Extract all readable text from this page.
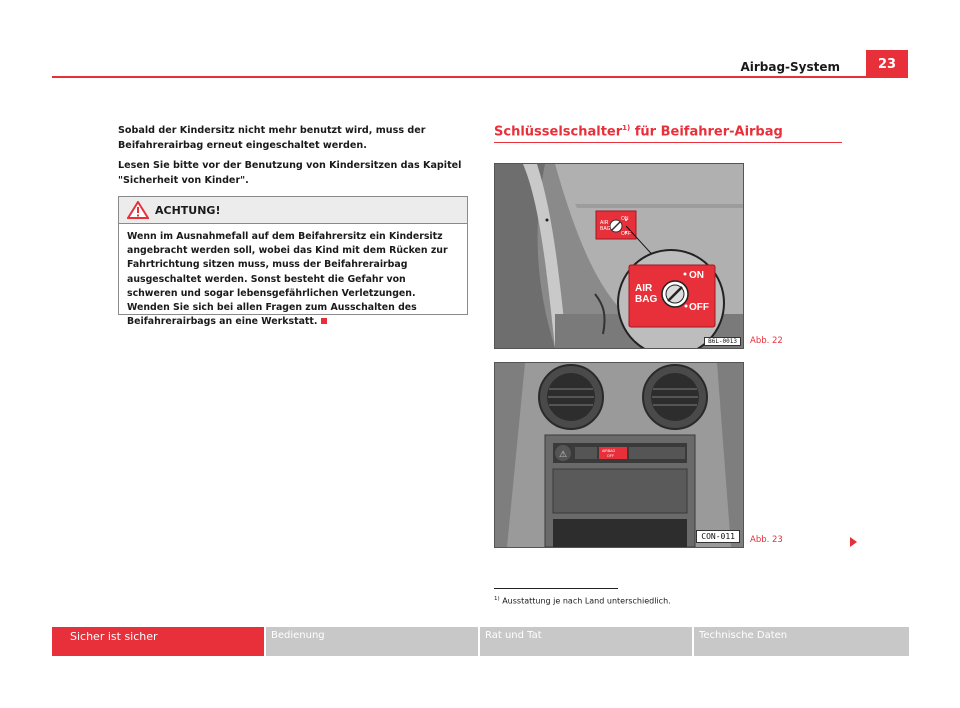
Airbag-System	23

Sobald der Kindersitz nicht mehr benutzt wird, muss der Beifahrerairbag erneut eingeschaltet werden.

Lesen Sie bitte vor der Benutzung von Kindersitzen das Kapitel "Sicherheit von Kinder".

ACHTUNG!
Wenn im Ausnahmefall auf dem Beifahrersitz ein Kindersitz angebracht werden soll, wobei das Kind mit dem Rücken zur Fahrtrichtung sitzen muss, muss der Beifahrerairbag ausgeschaltet werden. Sonst besteht die Gefahr von schweren und sogar lebensgefährlichen Verletzungen. Wenden Sie sich bei allen Fragen zum Ausschalten des Beifahrerairbags an eine Werkstatt.
Schlüsselschalter$^{1)}$ für Beifahrer-Airbag
ON
OFF
AIR
BAG
AIR
BAG
ON
OFF
B6L-0013	Abb. 22
⚠	AIRBAG
OFF
CON-011	Abb. 23
$^{1)}$ Ausstattung je nach Land unterschiedlich.
Sicher ist sicher	Bedienung	Rat und Tat	Technische Daten
